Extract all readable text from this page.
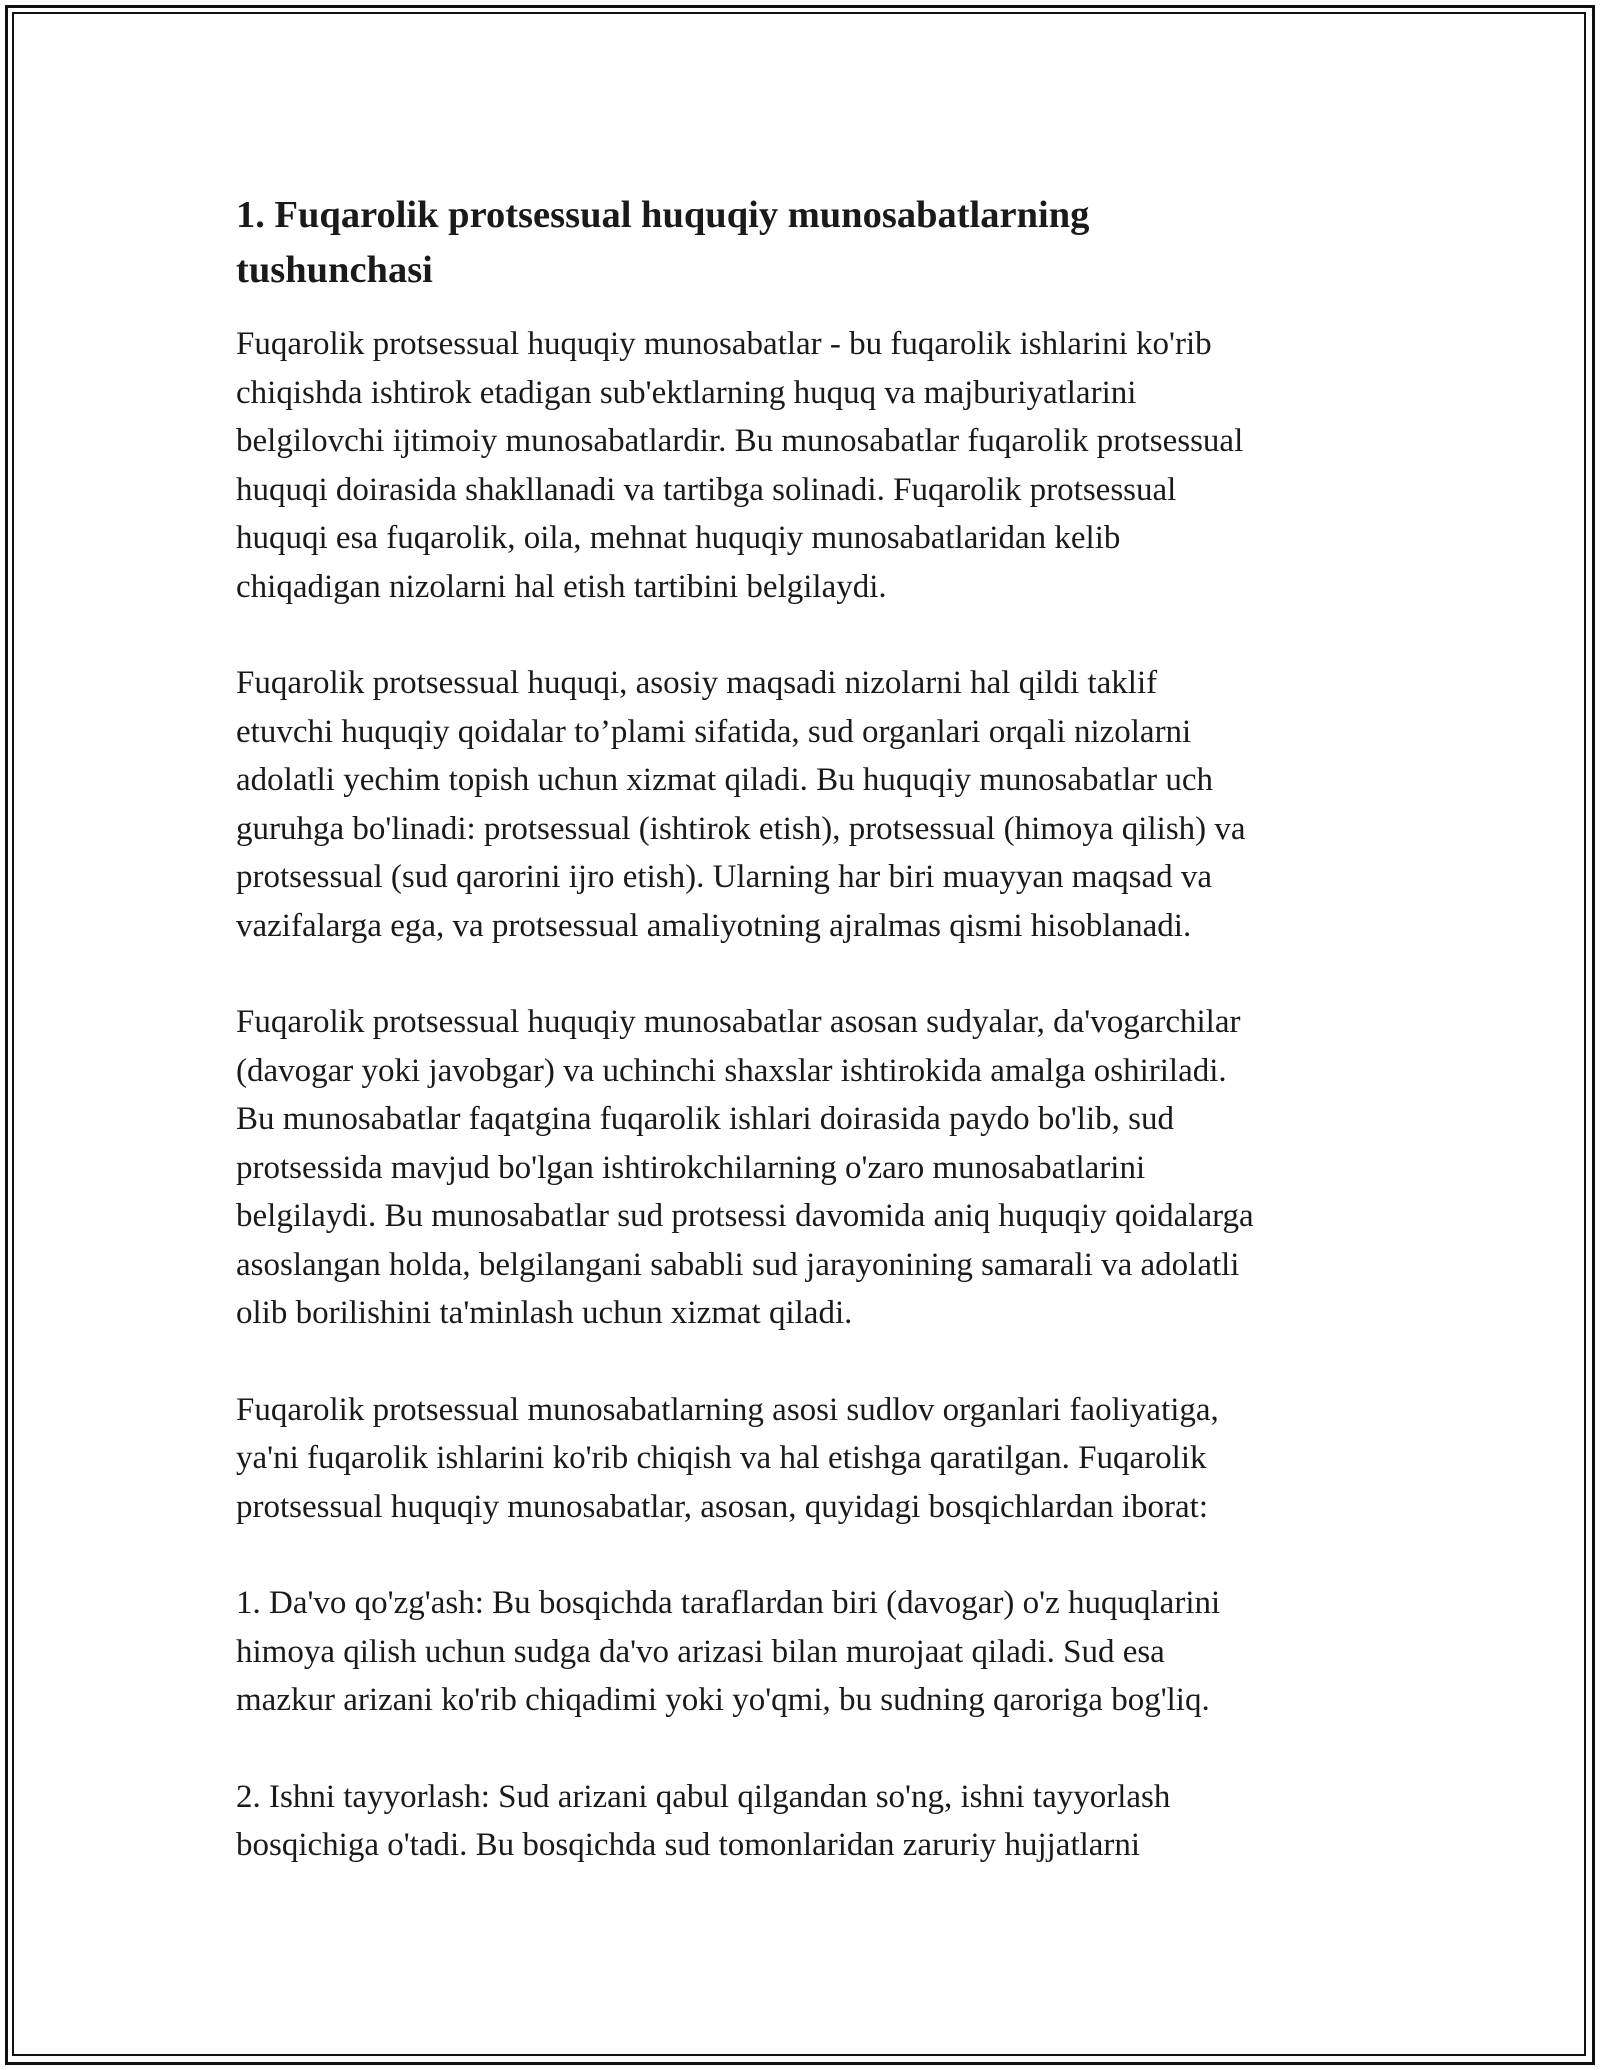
1. Fuqarolik protsessual huquqiy munosabatlarning
tushunchasi

Fuqarolik protsessual huquqiy munosabatlar - bu fuqarolik ishlarini ko'rib
chiqishda ishtirok etadigan sub'ektlarning huquq va majburiyatlarini
belgilovchi ijtimoiy munosabatlardir. Bu munosabatlar fuqarolik protsessual
huquqi doirasida shakllanadi va tartibga solinadi. Fuqarolik protsessual
huquqi esa fuqarolik, oila, mehnat huquqiy munosabatlaridan kelib
chiqadigan nizolarni hal etish tartibini belgilaydi.

Fuqarolik protsessual huquqi, asosiy maqsadi nizolarni hal qildi taklif
etuvchi huquqiy qoidalar to’plami sifatida, sud organlari orqali nizolarni
adolatli yechim topish uchun xizmat qiladi. Bu huquqiy munosabatlar uch
guruhga bo'linadi: protsessual (ishtirok etish), protsessual (himoya qilish) va
protsessual (sud qarorini ijro etish). Ularning har biri muayyan maqsad va
vazifalarga ega, va protsessual amaliyotning ajralmas qismi hisoblanadi.

Fuqarolik protsessual huquqiy munosabatlar asosan sudyalar, da'vogarchilar
(davogar yoki javobgar) va uchinchi shaxslar ishtirokida amalga oshiriladi.
Bu munosabatlar faqatgina fuqarolik ishlari doirasida paydo bo'lib, sud
protsessida mavjud bo'lgan ishtirokchilarning o'zaro munosabatlarini
belgilaydi. Bu munosabatlar sud protsessi davomida aniq huquqiy qoidalarga
asoslangan holda, belgilangani sababli sud jarayonining samarali va adolatli
olib borilishini ta'minlash uchun xizmat qiladi.

Fuqarolik protsessual munosabatlarning asosi sudlov organlari faoliyatiga,
ya'ni fuqarolik ishlarini ko'rib chiqish va hal etishga qaratilgan. Fuqarolik
protsessual huquqiy munosabatlar, asosan, quyidagi bosqichlardan iborat:

1. Da'vo qo'zg'ash: Bu bosqichda taraflardan biri (davogar) o'z huquqlarini
himoya qilish uchun sudga da'vo arizasi bilan murojaat qiladi. Sud esa
mazkur arizani ko'rib chiqadimi yoki yo'qmi, bu sudning qaroriga bog'liq.

2. Ishni tayyorlash: Sud arizani qabul qilgandan so'ng, ishni tayyorlash
bosqichiga o'tadi. Bu bosqichda sud tomonlaridan zaruriy hujjatlarni
